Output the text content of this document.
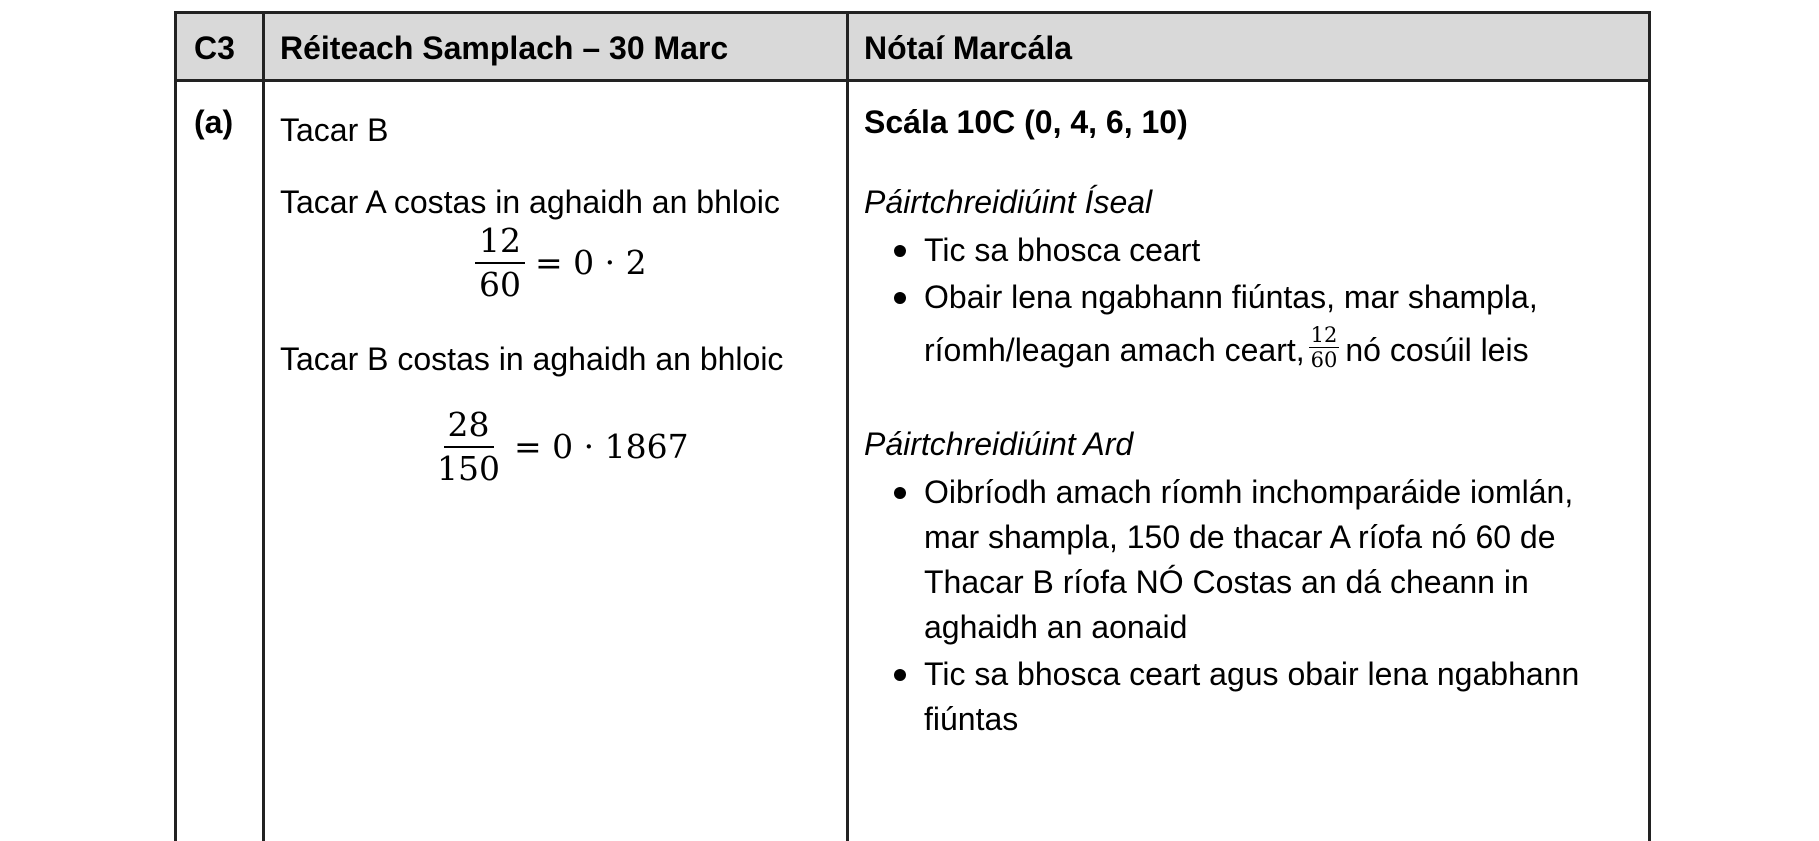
C3 Réiteach Samplach – 30 Marc	Nótaí Marcála
(a) Tacar B
Tacar A costas in aghaidh an bhloic
$\frac{12}{60} = 0 \cdot 2$
Tacar B costas in aghaidh an bhloic
$\frac{28}{150} = 0 \cdot 1867$
Scála 10C (0, 4, 6, 10)
Páirtchreidiúint Íseal
Tic sa bhosca ceart
Obair lena ngabhann fiúntas, mar shampla,
ríomh/leagan amach ceart, $\frac{12}{60}$ nó cosúil leis
Páirtchreidiúint Ard
Oibríodh amach ríomh inchomparáide iomlán,
mar shampla, 150 de thacar A ríofa nó 60 de
Thacar B ríofa NÓ Costas an dá cheann in
aghaidh an aonaid
Tic sa bhosca ceart agus obair lena ngabhann
fiúntas
